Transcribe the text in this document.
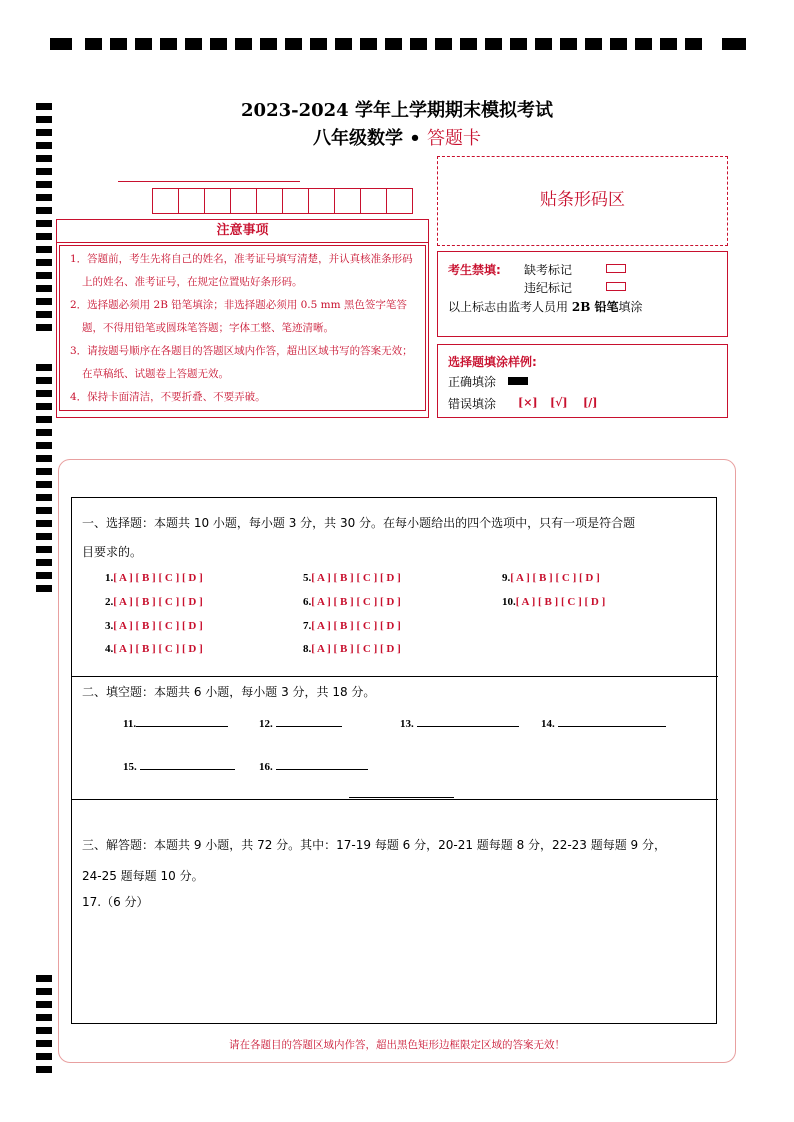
2023-2024 学年上学期期末模拟考试
八年级数学 • 答题卡
注意事项
1．答题前，考生先将自己的姓名，准考证号填写清楚，并认真核准条形码上的姓名、准考证号，在规定位置贴好条形码。
2．选择题必须用 2B 铅笔填涂；非选择题必须用 0.5 mm 黑色签字笔答题，不得用铅笔或圆珠笔答题；字体工整、笔迹清晰。
3．请按题号顺序在各题目的答题区域内作答，超出区域书写的答案无效；在草稿纸、试题卷上答题无效。
4．保持卡面清洁，不要折叠、不要弄破。
贴条形码区
考生禁填: 缺考标记
违纪标记
以上标志由监考人员用 2B 铅笔填涂
选择题填涂样例:
正确填涂
错误填涂 [×] [√] [/]
一、选择题：本题共 10 小题，每小题 3 分，共 30 分。在每小题给出的四个选项中，只有一项是符合题
目要求的。
1.[ A ] [ B ] [ C ] [ D ]
2.[ A ] [ B ] [ C ] [ D ]
3.[ A ] [ B ] [ C ] [ D ]
4.[ A ] [ B ] [ C ] [ D ]
5.[ A ] [ B ] [ C ] [ D ]
6.[ A ] [ B ] [ C ] [ D ]
7.[ A ] [ B ] [ C ] [ D ]
8.[ A ] [ B ] [ C ] [ D ]
9.[ A ] [ B ] [ C ] [ D ]
10.[ A ] [ B ] [ C ] [ D ]
二、填空题：本题共 6 小题，每小题 3 分，共 18 分。
11.	12.	13.	14.
15.	16.
三、解答题：本题共 9 小题，共 72 分。其中：17-19 每题 6 分，20-21 题每题 8 分，22-23 题每题 9 分，
24-25 题每题 10 分。
17.（6 分）
请在各题目的答题区域内作答，超出黑色矩形边框限定区域的答案无效！
